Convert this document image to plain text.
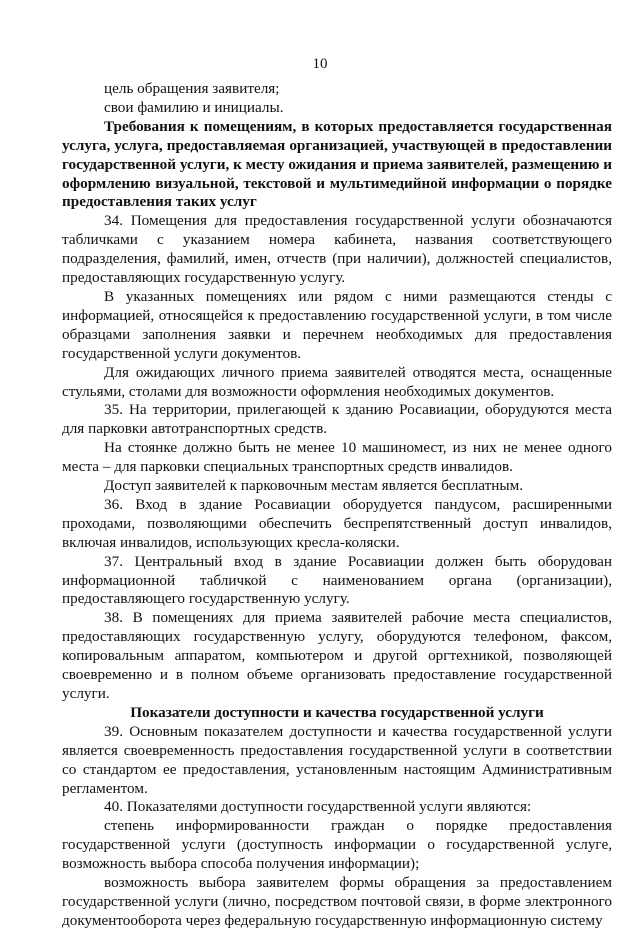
10

цель обращения заявителя;

свои фамилию и инициалы.

Требования к помещениям, в которых предоставляется государственная услуга, услуга, предоставляемая организацией, участвующей в предоставлении государственной услуги, к месту ожидания и приема заявителей, размещению и оформлению визуальной, текстовой и мультимедийной информации о порядке предоставления таких услуг

34. Помещения для предоставления государственной услуги обозначаются табличками с указанием номера кабинета, названия соответствующего подразделения, фамилий, имен, отчеств (при наличии), должностей специалистов, предоставляющих государственную услугу.

В указанных помещениях или рядом с ними размещаются стенды с информацией, относящейся к предоставлению государственной услуги, в том числе образцами заполнения заявки и перечнем необходимых для предоставления государственной услуги документов.

Для ожидающих личного приема заявителей отводятся места, оснащенные стульями, столами для возможности оформления необходимых документов.

35. На территории, прилегающей к зданию Росавиации, оборудуются места для парковки автотранспортных средств.

На стоянке должно быть не менее 10 машиномест, из них не менее одного места – для парковки специальных транспортных средств инвалидов.

Доступ заявителей к парковочным местам является бесплатным.

36. Вход в здание Росавиации оборудуется пандусом, расширенными проходами, позволяющими обеспечить беспрепятственный доступ инвалидов, включая инвалидов, использующих кресла-коляски.

37. Центральный вход в здание Росавиации должен быть оборудован информационной табличкой с наименованием органа (организации), предоставляющего государственную услугу.

38. В помещениях для приема заявителей рабочие места специалистов, предоставляющих государственную услугу, оборудуются телефоном, факсом, копировальным аппаратом, компьютером и другой оргтехникой, позволяющей своевременно и в полном объеме организовать предоставление государственной услуги.

Показатели доступности и качества государственной услуги

39. Основным показателем доступности и качества государственной услуги является своевременность предоставления государственной услуги в соответствии со стандартом ее предоставления, установленным настоящим Административным регламентом.

40. Показателями доступности государственной услуги являются:

степень информированности граждан о порядке предоставления государственной услуги (доступность информации о государственной услуге, возможность выбора способа получения информации);

возможность выбора заявителем формы обращения за предоставлением государственной услуги (лично, посредством почтовой связи, в форме электронного документооборота через федеральную государственную информационную систему
